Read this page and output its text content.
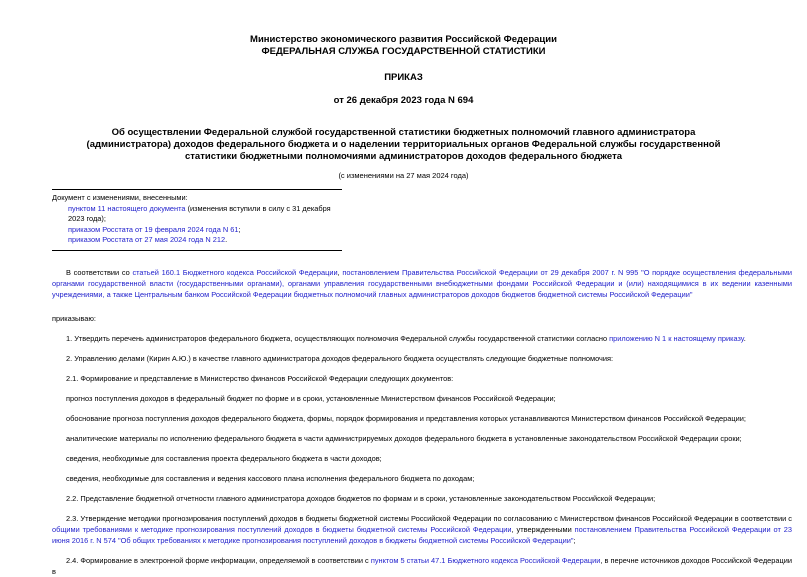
Министерство экономического развития Российской Федерации
ФЕДЕРАЛЬНАЯ СЛУЖБА ГОСУДАРСТВЕННОЙ СТАТИСТИКИ
ПРИКАЗ
от 26 декабря 2023 года N 694
Об осуществлении Федеральной службой государственной статистики бюджетных полномочий главного администратора (администратора) доходов федерального бюджета и о наделении территориальных органов Федеральной службы государственной статистики бюджетными полномочиями администраторов доходов федерального бюджета
(с изменениями на 27 мая 2024 года)
Документ с изменениями, внесенными:
пунктом 11 настоящего документа (изменения вступили в силу с 31 декабря 2023 года);
приказом Росстата от 19 февраля 2024 года N 61;
приказом Росстата от 27 мая 2024 года N 212.

В соответствии со статьей 160.1 Бюджетного кодекса Российской Федерации, постановлением Правительства Российской Федерации от 29 декабря 2007 г. N 995 "О порядке осуществления федеральными органами государственной власти (государственными органами), органами управления государственными внебюджетными фондами Российской Федерации и (или) находящимися в их ведении казенными учреждениями, а также Центральным банком Российской Федерации бюджетных полномочий главных администраторов доходов бюджетов бюджетной системы Российской Федерации"

приказываю:

1. Утвердить перечень администраторов федерального бюджета, осуществляющих полномочия Федеральной службы государственной статистики согласно приложению N 1 к настоящему приказу.

2. Управлению делами (Кирин А.Ю.) в качестве главного администратора доходов федерального бюджета осуществлять следующие бюджетные полномочия:

2.1. Формирование и представление в Министерство финансов Российской Федерации следующих документов:

прогноз поступления доходов в федеральный бюджет по форме и в сроки, установленные Министерством финансов Российской Федерации;

обоснование прогноза поступления доходов федерального бюджета, формы, порядок формирования и представления которых устанавливаются Министерством финансов Российской Федерации;

аналитические материалы по исполнению федерального бюджета в части администрируемых доходов федерального бюджета в установленные законодательством Российской Федерации сроки;

сведения, необходимые для составления проекта федерального бюджета в части доходов;

сведения, необходимые для составления и ведения кассового плана исполнения федерального бюджета по доходам;

2.2. Представление бюджетной отчетности главного администратора доходов бюджетов по формам и в сроки, установленные законодательством Российской Федерации;

2.3. Утверждение методики прогнозирования поступлений доходов в бюджеты бюджетной системы Российской Федерации по согласованию с Министерством финансов Российской Федерации в соответствии с общими требованиями к методике прогнозирования поступлений доходов в бюджеты бюджетной системы Российской Федерации, утвержденными постановлением Правительства Российской Федерации от 23 июня 2016 г. N 574 "Об общих требованиях к методике прогнозирования поступлений доходов в бюджеты бюджетной системы Российской Федерации";

2.4. Формирование в электронной форме информации, определяемой в соответствии с пунктом 5 статьи 47.1 Бюджетного кодекса Российской Федерации, в перечне источников доходов Российской Федерации в
